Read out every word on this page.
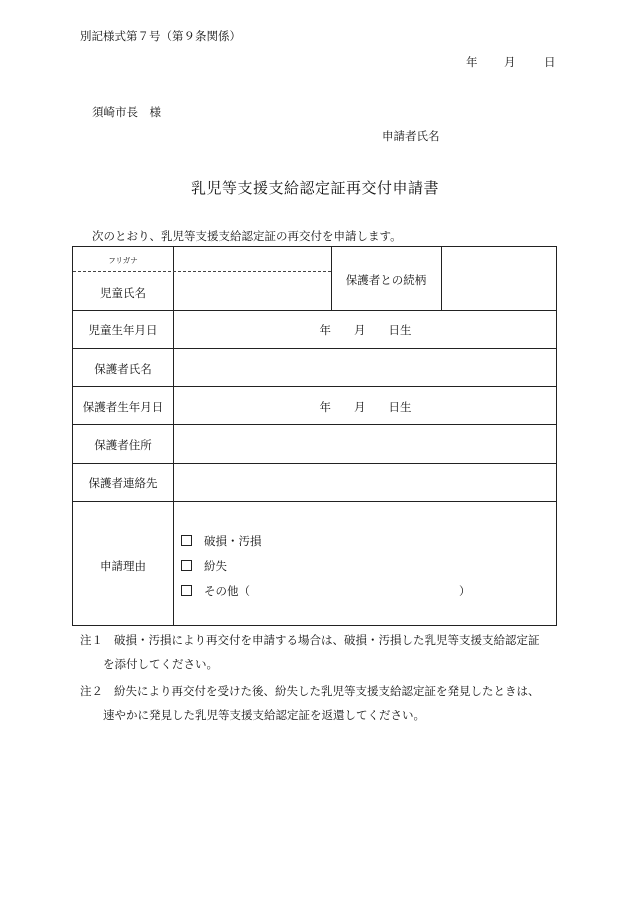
別記様式第７号（第９条関係）
年 月 日
須崎市長　様
申請者氏名
乳児等支援支給認定証再交付申請書
次のとおり、乳児等支援支給認定証の再交付を申請します。
フリガナ
児童氏名
保護者との続柄
児童生年月日	年　　月　　日生
保護者氏名
保護者生年月日	年　　月　　日生
保護者住所
保護者連絡先
申請理由
破損・汚損
紛失
その他（	）
注１ 破損・汚損により再交付を申請する場合は、破損・汚損した乳児等支援支給認定証
を添付してください。
注２ 紛失により再交付を受けた後、紛失した乳児等支援支給認定証を発見したときは、
速やかに発見した乳児等支援支給認定証を返還してください。
